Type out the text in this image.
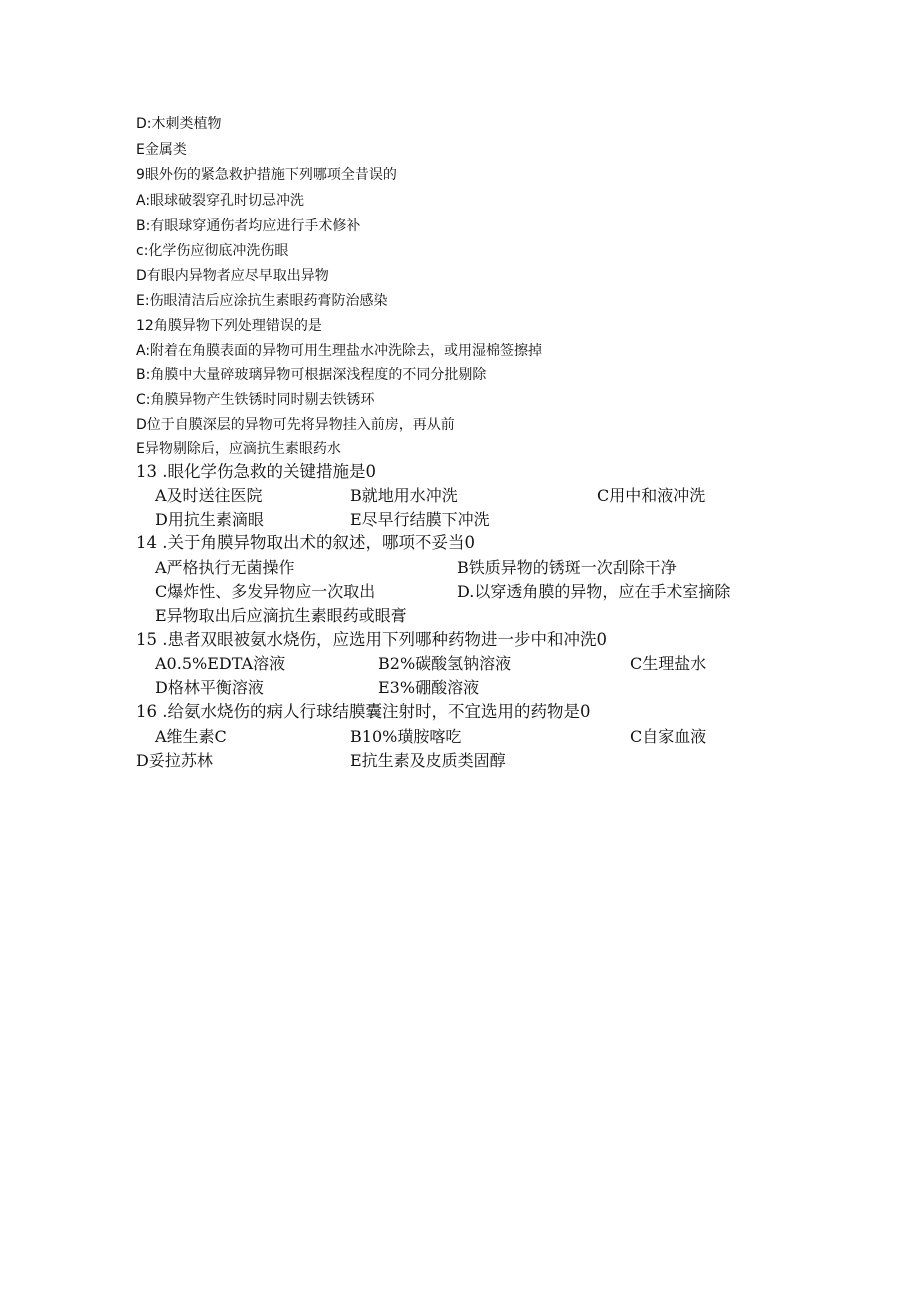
D:木刺类植物
E金属类
9眼外伤的紧急救护措施下列哪项全昔误的
A:眼球破裂穿孔时切忌冲洗
B:有眼球穿通伤者均应进行手术修补
c:化学伤应彻底冲洗伤眼
D有眼内异物者应尽早取出异物
E:伤眼清洁后应涂抗生素眼药膏防治感染
12角膜异物下列处理错误的是
A:附着在角膜表面的异物可用生理盐水冲洗除去，或用湿棉签擦掉
B:角膜中大量碎玻璃异物可根据深浅程度的不同分批剔除
C:角膜异物产生铁锈时同时剔去铁锈环
D位于自膜深层的异物可先将异物挂入前房，再从前
E异物剔除后，应滴抗生素眼药水
13 .眼化学伤急救的关键措施是0
A及时送往医院	B就地用水冲洗	C用中和液冲洗
D用抗生素滴眼	E尽早行结膜下冲洗
14 .关于角膜异物取出术的叙述，哪项不妥当0
A严格执行无菌操作	B铁质异物的锈斑一次刮除干净
C爆炸性、多发异物应一次取出	D.以穿透角膜的异物，应在手术室摘除
E异物取出后应滴抗生素眼药或眼膏
15 .患者双眼被氨水烧伤，应选用下列哪种药物进一步中和冲洗0
A0.5%EDTA溶液	B2%碳酸氢钠溶液	C生理盐水
D格林平衡溶液	E3%硼酸溶液
16 .给氨水烧伤的病人行球结膜囊注射时，不宜选用的药物是0
A维生素C	B10%璜胺喀吃	C自家血液
D妥拉苏林	E抗生素及皮质类固醇
